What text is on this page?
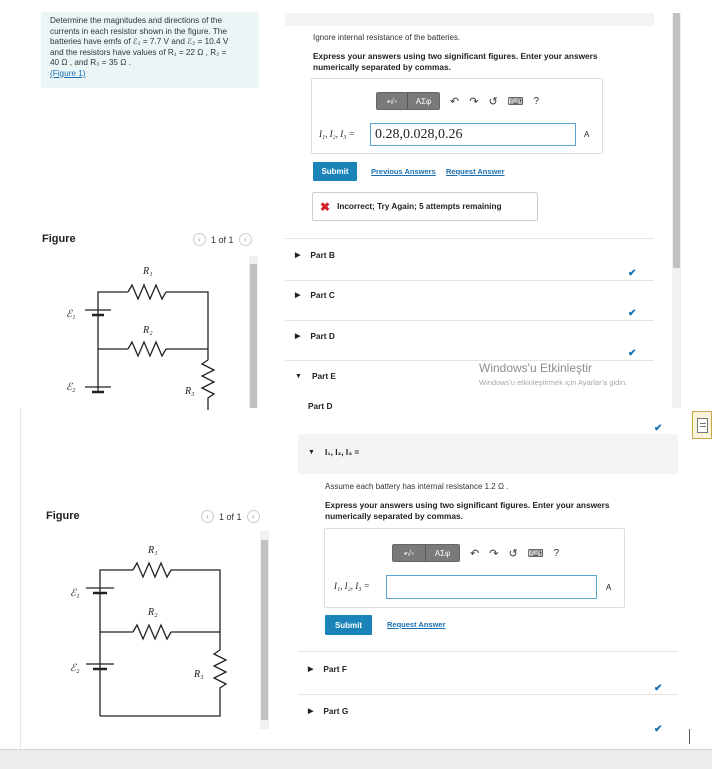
Determine the magnitudes and directions of the
currents in each resistor shown in the figure. The
batteries have emfs of ℰ₁ = 7.7 V and ℰ₂ = 10.4 V
and the resistors have values of R₁ = 22 Ω , R₂ =
40 Ω , and R₃ = 35 Ω .
(Figure 1)
Figure	‹	1 of 1	›
R₁
R₂
R₃
ℰ₁
ℰ₂
Ignore internal resistance of the batteries.
Express your answers using two significant figures. Enter your answers
numerically separated by commas.
▪√▫	ΑΣφ	↶ ↷ ↺ ⌨ ?
I₁, I₂, I₃ =	0.28,0.028,0.26	A
Submit	Previous Answers Request Answer
✖ Incorrect; Try Again; 5 attempts remaining
▶ Part B
✔
▶ Part C
✔
▶ Part D
✔
▼ Part E
Windows'u Etkinleştir
Windows'u etkinleştirmek için Ayarlar'a gidin.
Part D
Figure	‹	1 of 1	›
R₁
R₂
R₃
ℰ₁
ℰ₂
✔
▼ I₁, I₂, I₃ =
Assume each battery has internal resistance 1.2 Ω .
Express your answers using two significant figures. Enter your answers
numerically separated by commas.
▪√▫	ΑΣφ	↶ ↷ ↺ ⌨ ?
I₁, I₂, I₃ =	A
Submit	Request Answer
▶ Part F
✔
▶ Part G
✔
